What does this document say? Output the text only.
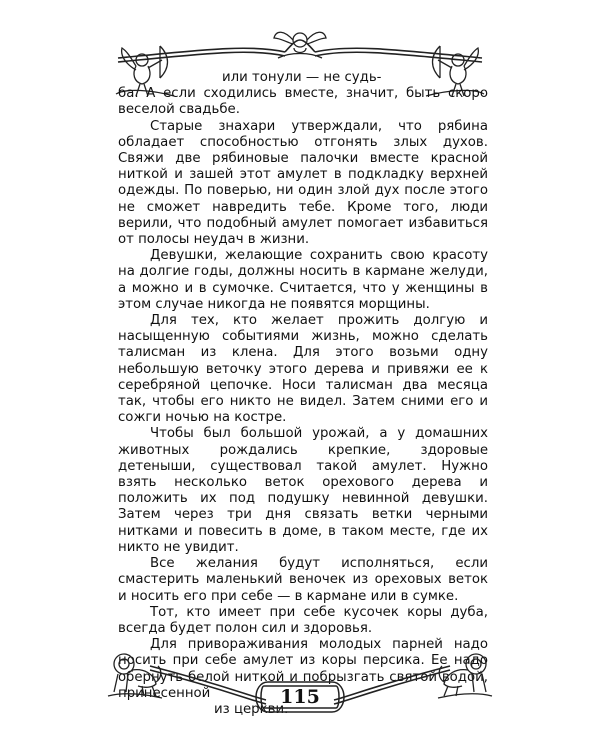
или тонули — не судь-

ба. А если сходились вместе, значит, быть скоро веселой свадьбе.

Старые знахари утверждали, что рябина обладает способностью отгонять злых духов. Свяжи две рябиновые палочки вместе красной ниткой и зашей этот амулет в подкладку верхней одежды. По поверью, ни один злой дух после этого не сможет навредить тебе. Кроме того, люди верили, что подобный амулет помогает избавиться от полосы неудач в жизни.

Девушки, желающие сохранить свою красоту на долгие годы, должны носить в кармане желуди, а можно и в сумочке. Считается, что у женщины в этом случае никогда не появятся морщины.

Для тех, кто желает прожить долгую и насыщенную событиями жизнь, можно сделать талисман из клена. Для этого возьми одну небольшую веточку этого дерева и привяжи ее к серебряной цепочке. Носи талисман два месяца так, чтобы его никто не видел. Затем сними его и сожги ночью на костре.

Чтобы был большой урожай, а у домашних животных рождались крепкие, здоровые детеныши, существовал такой амулет. Нужно взять несколько веток орехового дерева и положить их под подушку невинной девушки. Затем через три дня связать ветки черными нитками и повесить в доме, в таком месте, где их никто не увидит.

Все желания будут исполняться, если смастерить маленький веночек из ореховых веток и носить его при себе — в кармане или в сумке.

Тот, кто имеет при себе кусочек коры дуба, всегда будет полон сил и здоровья.

Для привораживания молодых парней надо носить при себе амулет из коры персика. Ее надо обернуть белой ниткой и побрызгать святой водой, принесенной

из церкви.

115
